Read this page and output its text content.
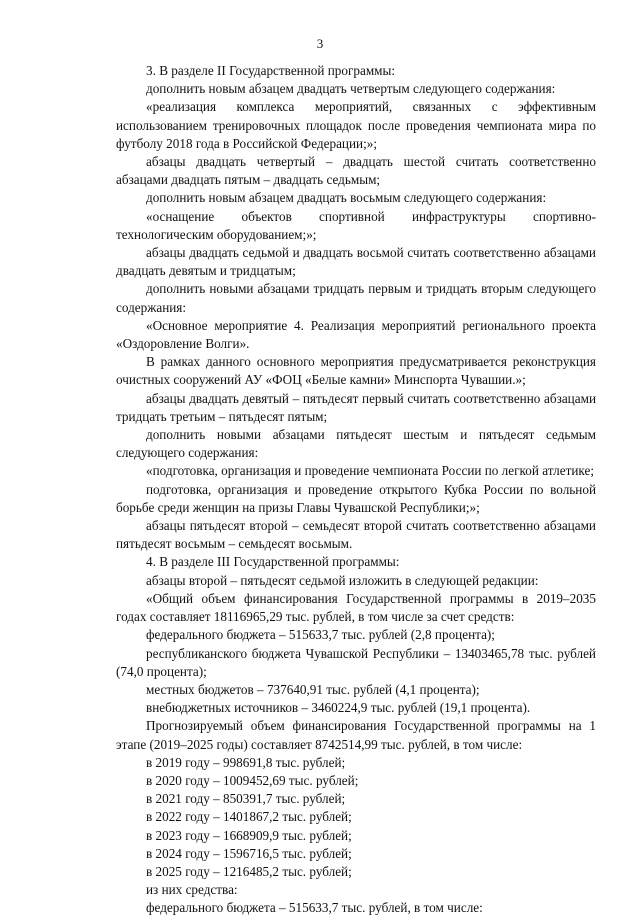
3

3. В разделе II Государственной программы:

дополнить новым абзацем двадцать четвертым следующего содержания:

«реализация комплекса мероприятий, связанных с эффективным использованием тренировочных площадок после проведения чемпионата мира по футболу 2018 года в Российской Федерации;»;

абзацы двадцать четвертый – двадцать шестой считать соответственно абзацами двадцать пятым – двадцать седьмым;

дополнить новым абзацем двадцать восьмым следующего содержания:

«оснащение объектов спортивной инфраструктуры спортивно-технологическим оборудованием;»;

абзацы двадцать седьмой и двадцать восьмой считать соответственно абзацами двадцать девятым и тридцатым;

дополнить новыми абзацами тридцать первым и тридцать вторым следующего содержания:

«Основное мероприятие 4. Реализация мероприятий регионального проекта «Оздоровление Волги».

В рамках данного основного мероприятия предусматривается реконструкция очистных сооружений АУ «ФОЦ «Белые камни» Минспорта Чувашии.»;

абзацы двадцать девятый – пятьдесят первый считать соответственно абзацами тридцать третьим – пятьдесят пятым;

дополнить новыми абзацами пятьдесят шестым и пятьдесят седьмым следующего содержания:

«подготовка, организация и проведение чемпионата России по легкой атлетике;

подготовка, организация и проведение открытого Кубка России по вольной борьбе среди женщин на призы Главы Чувашской Республики;»;

абзацы пятьдесят второй – семьдесят второй считать соответственно абзацами пятьдесят восьмым – семьдесят восьмым.

4. В разделе III Государственной программы:

абзацы второй – пятьдесят седьмой изложить в следующей редакции:

«Общий объем финансирования Государственной программы в 2019–2035 годах составляет 18116965,29 тыс. рублей, в том числе за счет средств:

федерального бюджета – 515633,7 тыс. рублей (2,8 процента);

республиканского бюджета Чувашской Республики – 13403465,78 тыс. рублей (74,0 процента);

местных бюджетов – 737640,91 тыс. рублей (4,1 процента);

внебюджетных источников – 3460224,9 тыс. рублей (19,1 процента).

Прогнозируемый объем финансирования Государственной программы на 1 этапе (2019–2025 годы) составляет 8742514,99 тыс. рублей, в том числе:

в 2019 году – 998691,8 тыс. рублей;

в 2020 году – 1009452,69 тыс. рублей;

в 2021 году – 850391,7 тыс. рублей;

в 2022 году – 1401867,2 тыс. рублей;

в 2023 году – 1668909,9 тыс. рублей;

в 2024 году – 1596716,5 тыс. рублей;

в 2025 году – 1216485,2 тыс. рублей;

из них средства:

федерального бюджета – 515633,7 тыс. рублей, в том числе:
